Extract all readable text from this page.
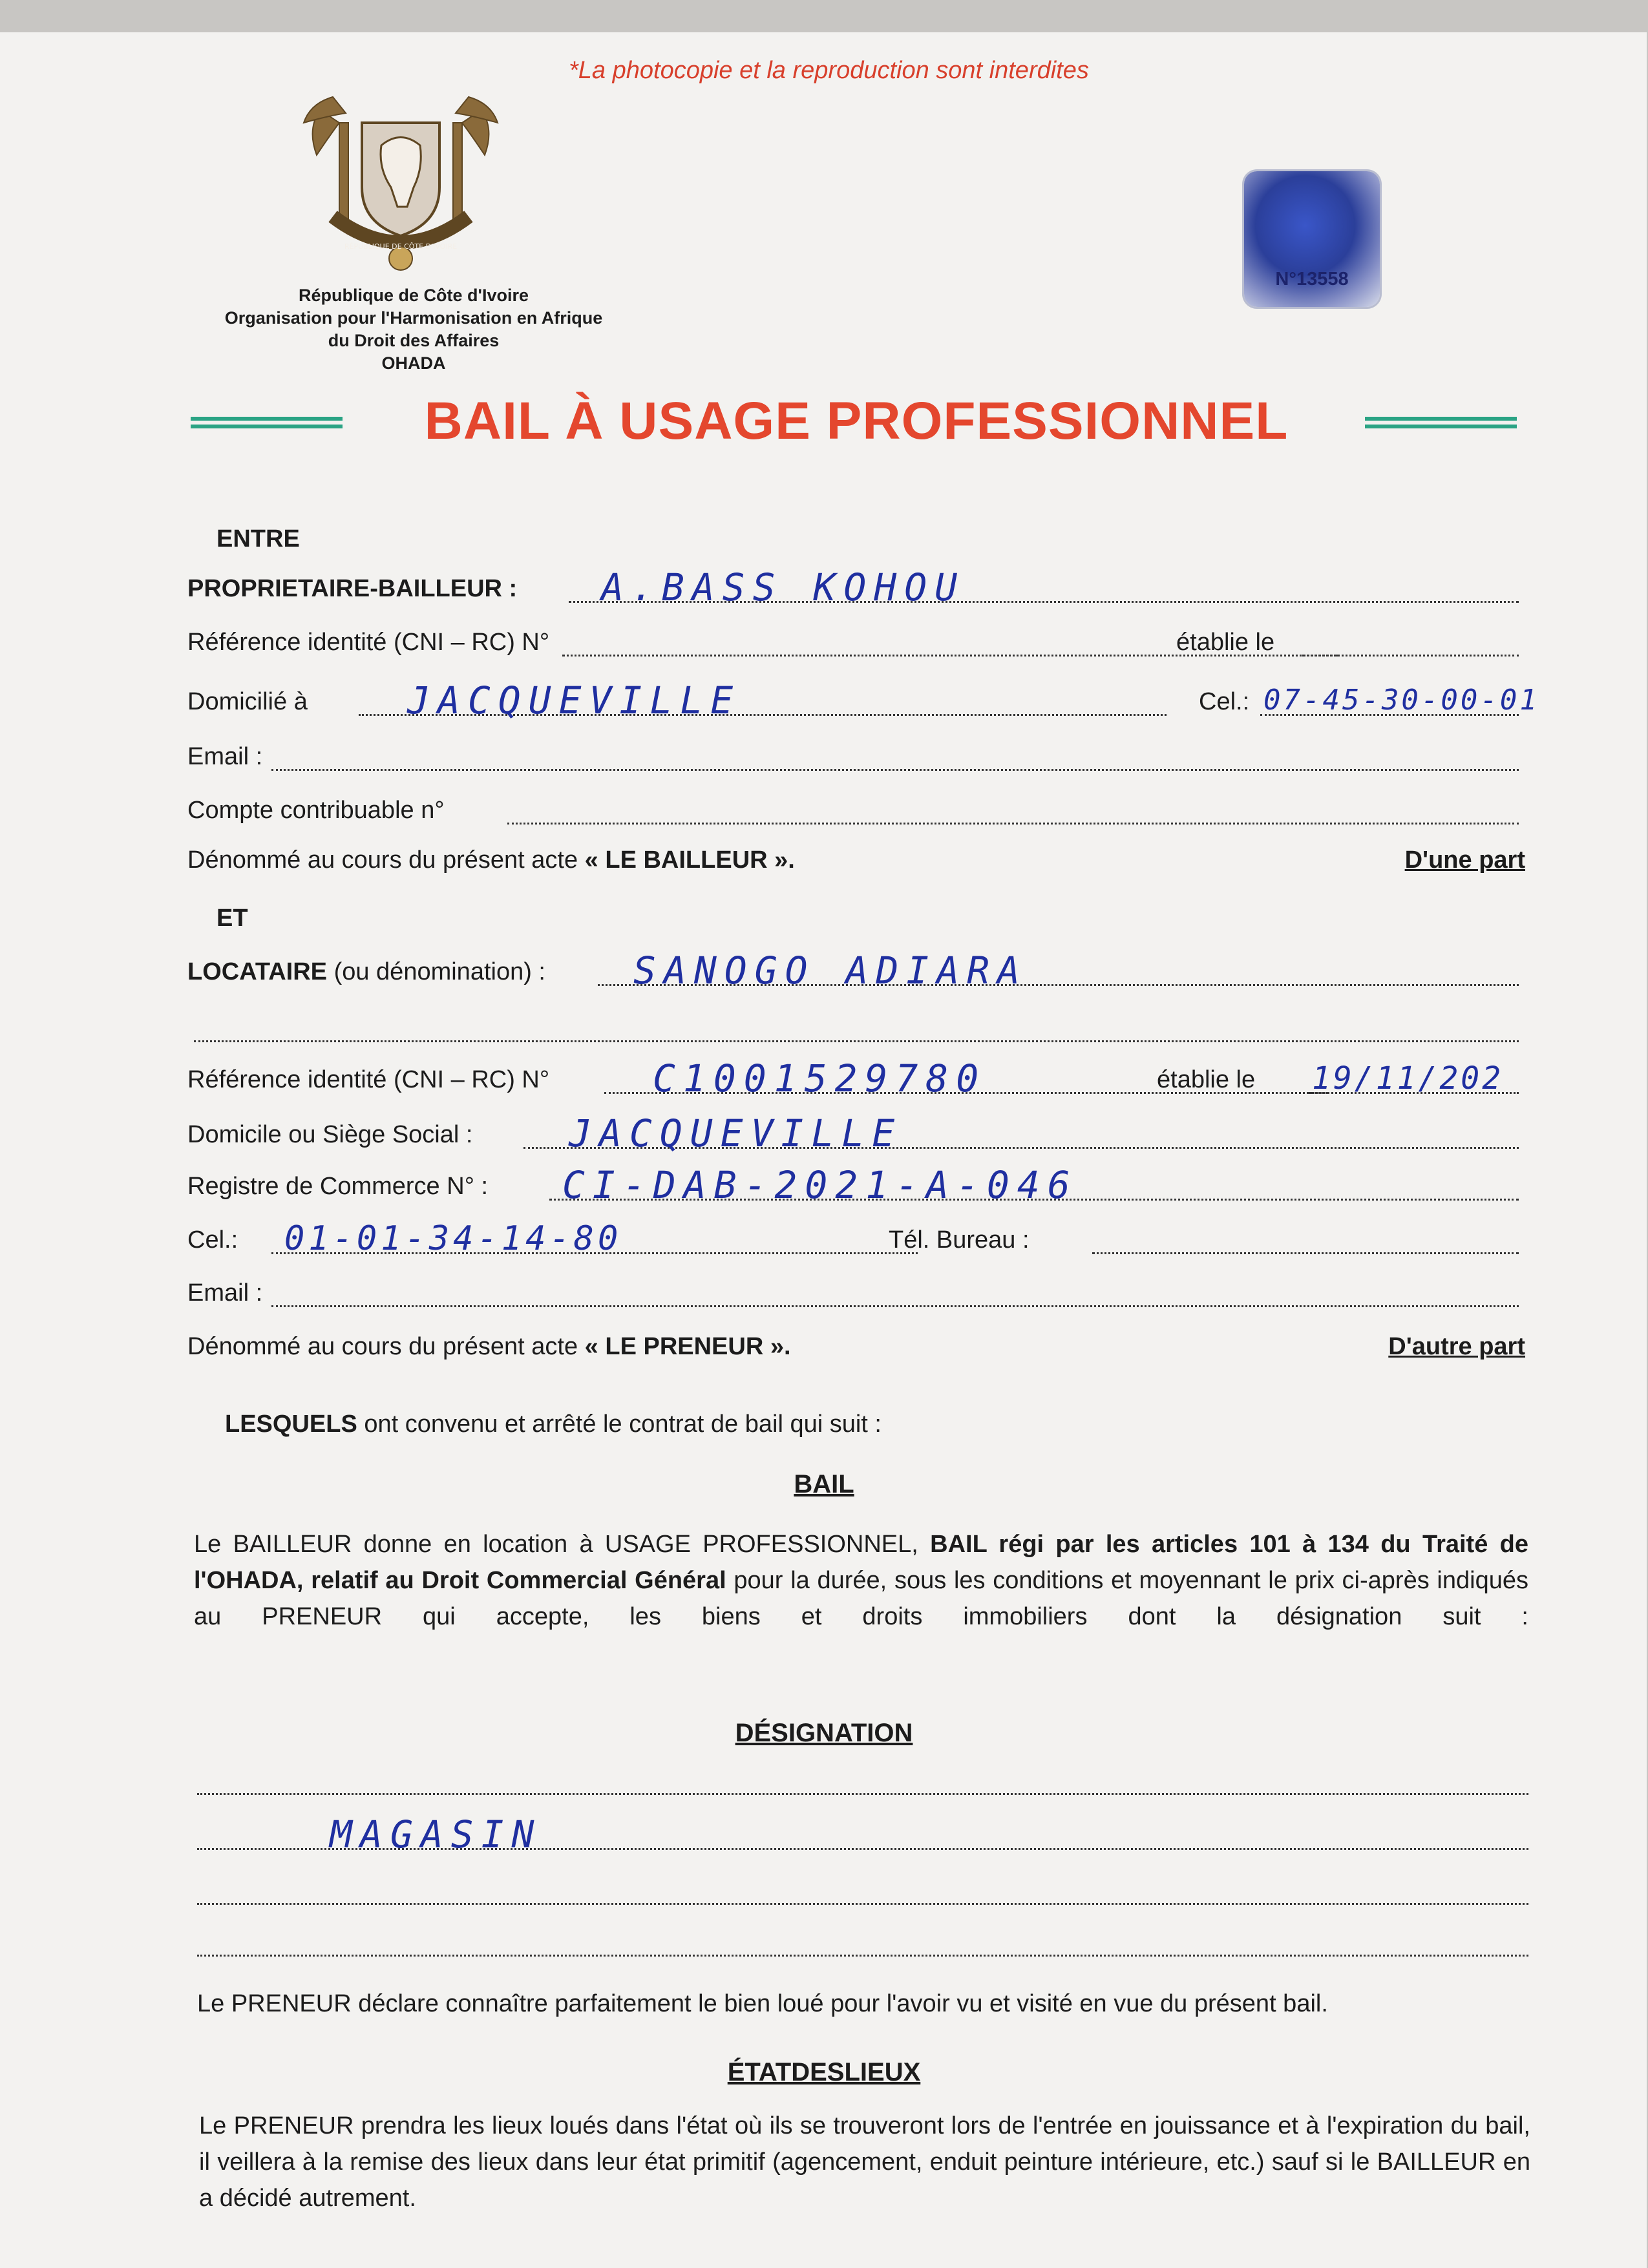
*La photocopie et la reproduction sont interdites
RÉPUBLIQUE DE CÔTE D'IVOIRE
République de Côte d'Ivoire
Organisation pour l'Harmonisation en Afrique
du Droit des Affaires
OHADA
N°13558
BAIL À USAGE PROFESSIONNEL
ENTRE
PROPRIETAIRE-BAILLEUR : A.BASS KOHOU
Référence identité (CNI – RC) N°	établie le
Domicilié à	JACQUEVILLE	Cel.: 07-45-30-00-01
Email :
Compte contribuable n°
Dénommé au cours du présent acte « LE BAILLEUR ».	D'une part
ET
LOCATAIRE (ou dénomination) : SANOGO ADIARA
Référence identité (CNI – RC) N°	C1001529780	établie le 19/11/202
Domicile ou Siège Social :	JACQUEVILLE
Registre de Commerce N° : CI-DAB-2021-A-046
Cel.: 01-01-34-14-80	Tél. Bureau :
Email :
Dénommé au cours du présent acte « LE PRENEUR ».	D'autre part
LESQUELS ont convenu et arrêté le contrat de bail qui suit :
BAIL
Le BAILLEUR donne en location à USAGE PROFESSIONNEL, BAIL régi par les articles 101 à 134 du Traité de l'OHADA, relatif au Droit Commercial Général pour la durée, sous les conditions et moyennant le prix ci-après indiqués au PRENEUR qui accepte, les biens et droits immobiliers dont la désignation suit :
DÉSIGNATION
MAGASIN
Le PRENEUR déclare connaître parfaitement le bien loué pour l'avoir vu et visité en vue du présent bail.
ÉTATDESLIEUX
Le PRENEUR prendra les lieux loués dans l'état où ils se trouveront lors de l'entrée en jouissance et à l'expiration du bail, il veillera à la remise des lieux dans leur état primitif (agencement, enduit peinture intérieure, etc.) sauf si le BAILLEUR en a décidé autrement.
